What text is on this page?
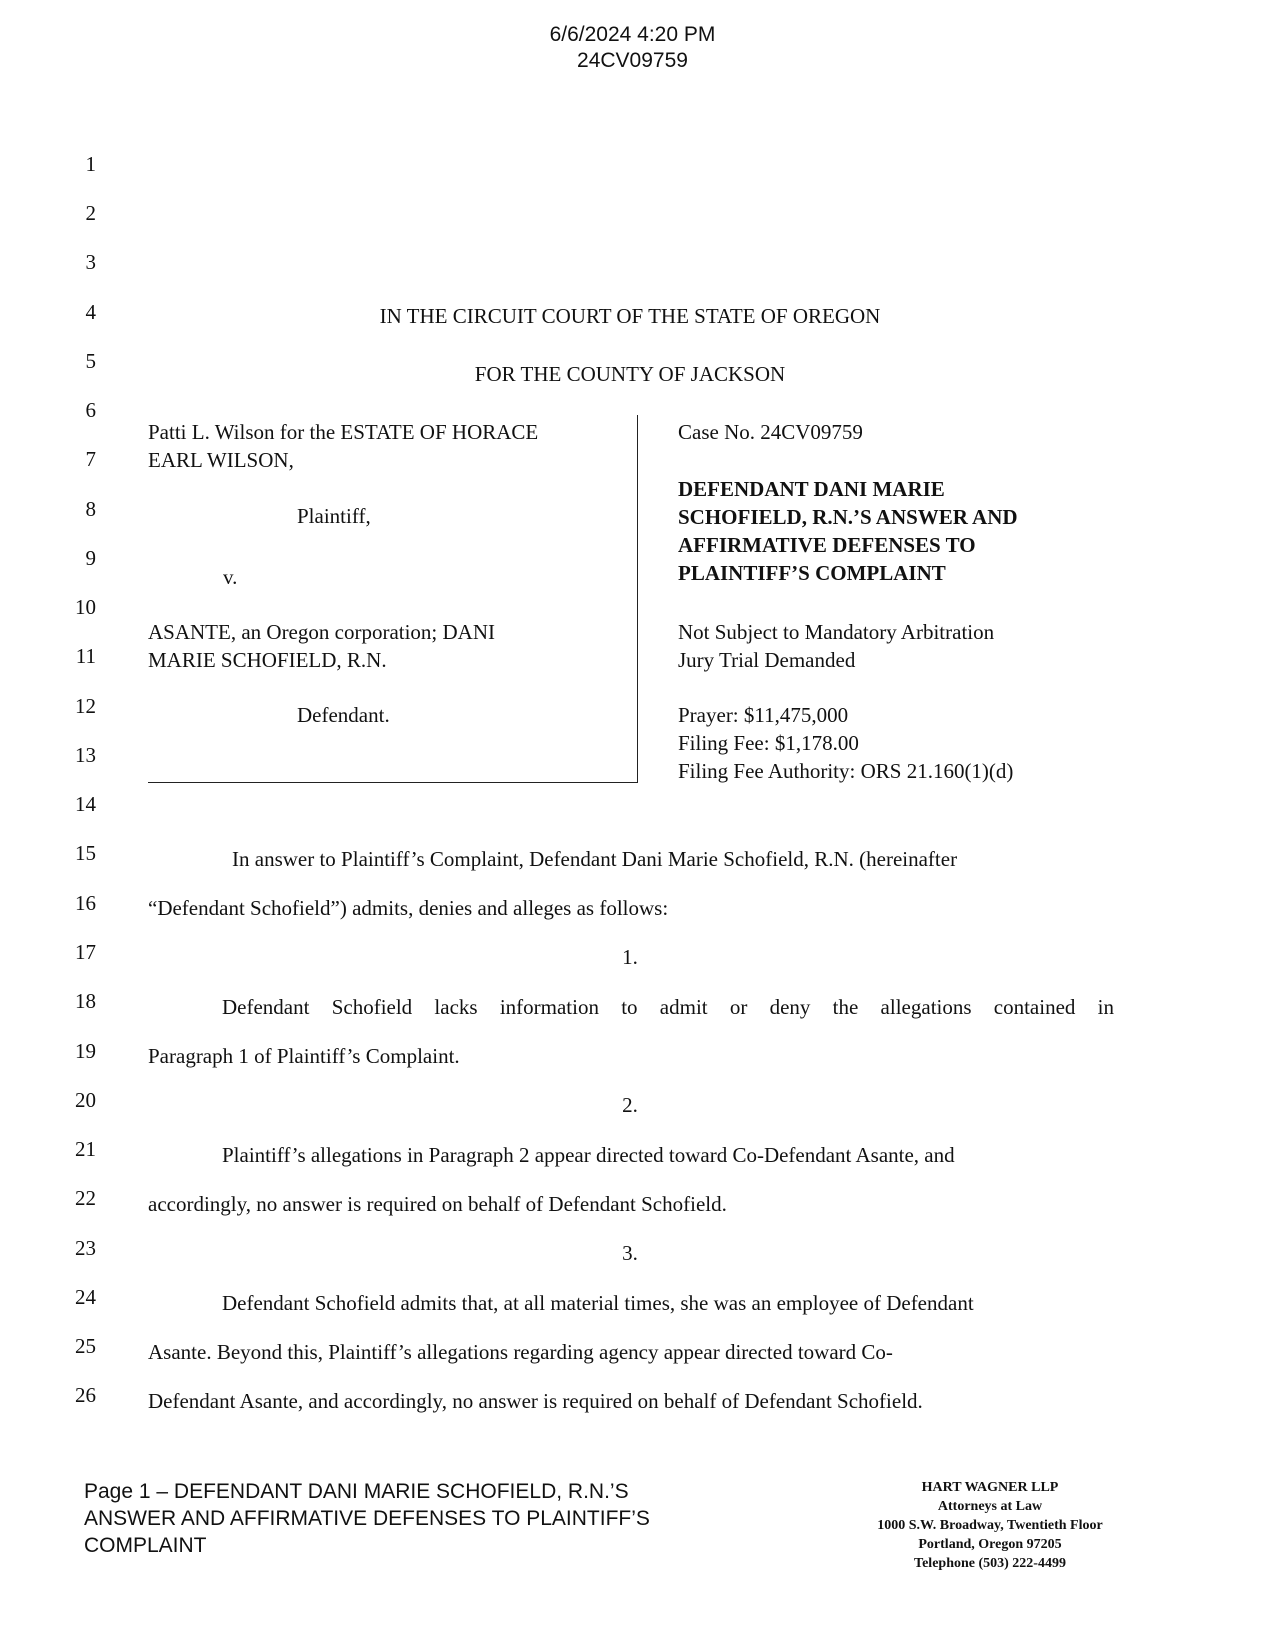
6/6/2024 4:20 PM
24CV09759
1
2
3
4
5
6
7
8
9
10
11
12
13
14
15
16
17
18
19
20
21
22
23
24
25
26
IN THE CIRCUIT COURT OF THE STATE OF OREGON
FOR THE COUNTY OF JACKSON
Patti L. Wilson for the ESTATE OF HORACE
EARL WILSON,
Plaintiff,
v.
ASANTE, an Oregon corporation; DANI
MARIE SCHOFIELD, R.N.
Defendant.
Case No. 24CV09759
DEFENDANT DANI MARIE
SCHOFIELD, R.N.’S ANSWER AND
AFFIRMATIVE DEFENSES TO
PLAINTIFF’S COMPLAINT
Not Subject to Mandatory Arbitration
Jury Trial Demanded
Prayer: $11,475,000
Filing Fee: $1,178.00
Filing Fee Authority: ORS 21.160(1)(d)
In answer to Plaintiff’s Complaint, Defendant Dani Marie Schofield, R.N. (hereinafter
“Defendant Schofield”) admits, denies and alleges as follows:
1.
Defendant Schofield lacks information to admit or deny the allegations contained in
Paragraph 1 of Plaintiff’s Complaint.
2.
Plaintiff’s allegations in Paragraph 2 appear directed toward Co-Defendant Asante, and
accordingly, no answer is required on behalf of Defendant Schofield.
3.
Defendant Schofield admits that, at all material times, she was an employee of Defendant
Asante. Beyond this, Plaintiff’s allegations regarding agency appear directed toward Co-
Defendant Asante, and accordingly, no answer is required on behalf of Defendant Schofield.
Page 1 – DEFENDANT DANI MARIE SCHOFIELD, R.N.’S
ANSWER AND AFFIRMATIVE DEFENSES TO PLAINTIFF’S
COMPLAINT
HART WAGNER LLP
Attorneys at Law
1000 S.W. Broadway, Twentieth Floor
Portland, Oregon 97205
Telephone (503) 222-4499
